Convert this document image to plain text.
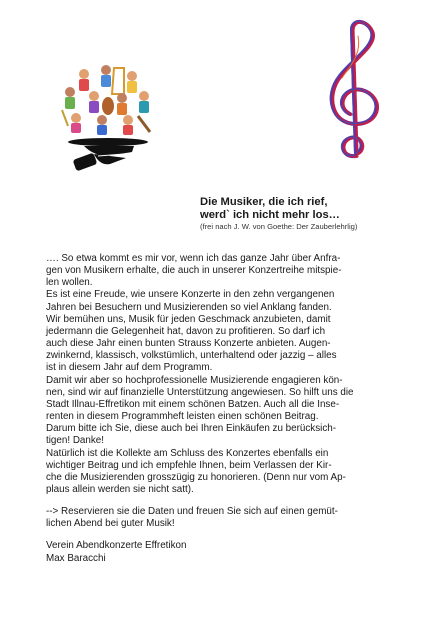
Die Musiker, die ich rief,

werd` ich nicht mehr los…

(frei nach J. W. von Goethe: Der Zauberlehrlig)

…. So etwa kommt es mir vor, wenn ich das ganze Jahr über Anfra-

gen von Musikern erhalte, die auch in unserer Konzertreihe mitspie-

len wollen.

Es ist eine Freude, wie unsere Konzerte in den zehn vergangenen

Jahren bei Besuchern und Musizierenden so viel Anklang fanden.

Wir bemühen uns, Musik für jeden Geschmack anzubieten, damit

jedermann die Gelegenheit hat, davon zu profitieren. So darf ich

auch diese Jahr einen bunten Strauss Konzerte anbieten. Augen-

zwinkernd, klassisch, volkstümlich, unterhaltend oder jazzig – alles

ist in diesem Jahr auf dem Programm.

Damit wir aber so hochprofessionelle Musizierende engagieren kön-

nen, sind wir auf finanzielle Unterstützung angewiesen. So hilft uns die

Stadt Illnau-Effretikon mit einem schönen Batzen. Auch all die Inse-

renten in diesem Programmheft leisten einen schönen Beitrag.

Darum bitte ich Sie, diese auch bei Ihren Einkäufen zu berücksich-

tigen! Danke!

Natürlich ist die Kollekte am Schluss des Konzertes ebenfalls ein

wichtiger Beitrag und ich empfehle Ihnen, beim Verlassen der Kir-

che die Musizierenden grosszügig zu honorieren. (Denn nur vom Ap-

plaus allein werden sie nicht satt).

--> Reservieren sie die Daten und freuen Sie sich auf einen gemüt-

lichen Abend bei guter Musik!

Verein Abendkonzerte Effretikon

Max Baracchi
